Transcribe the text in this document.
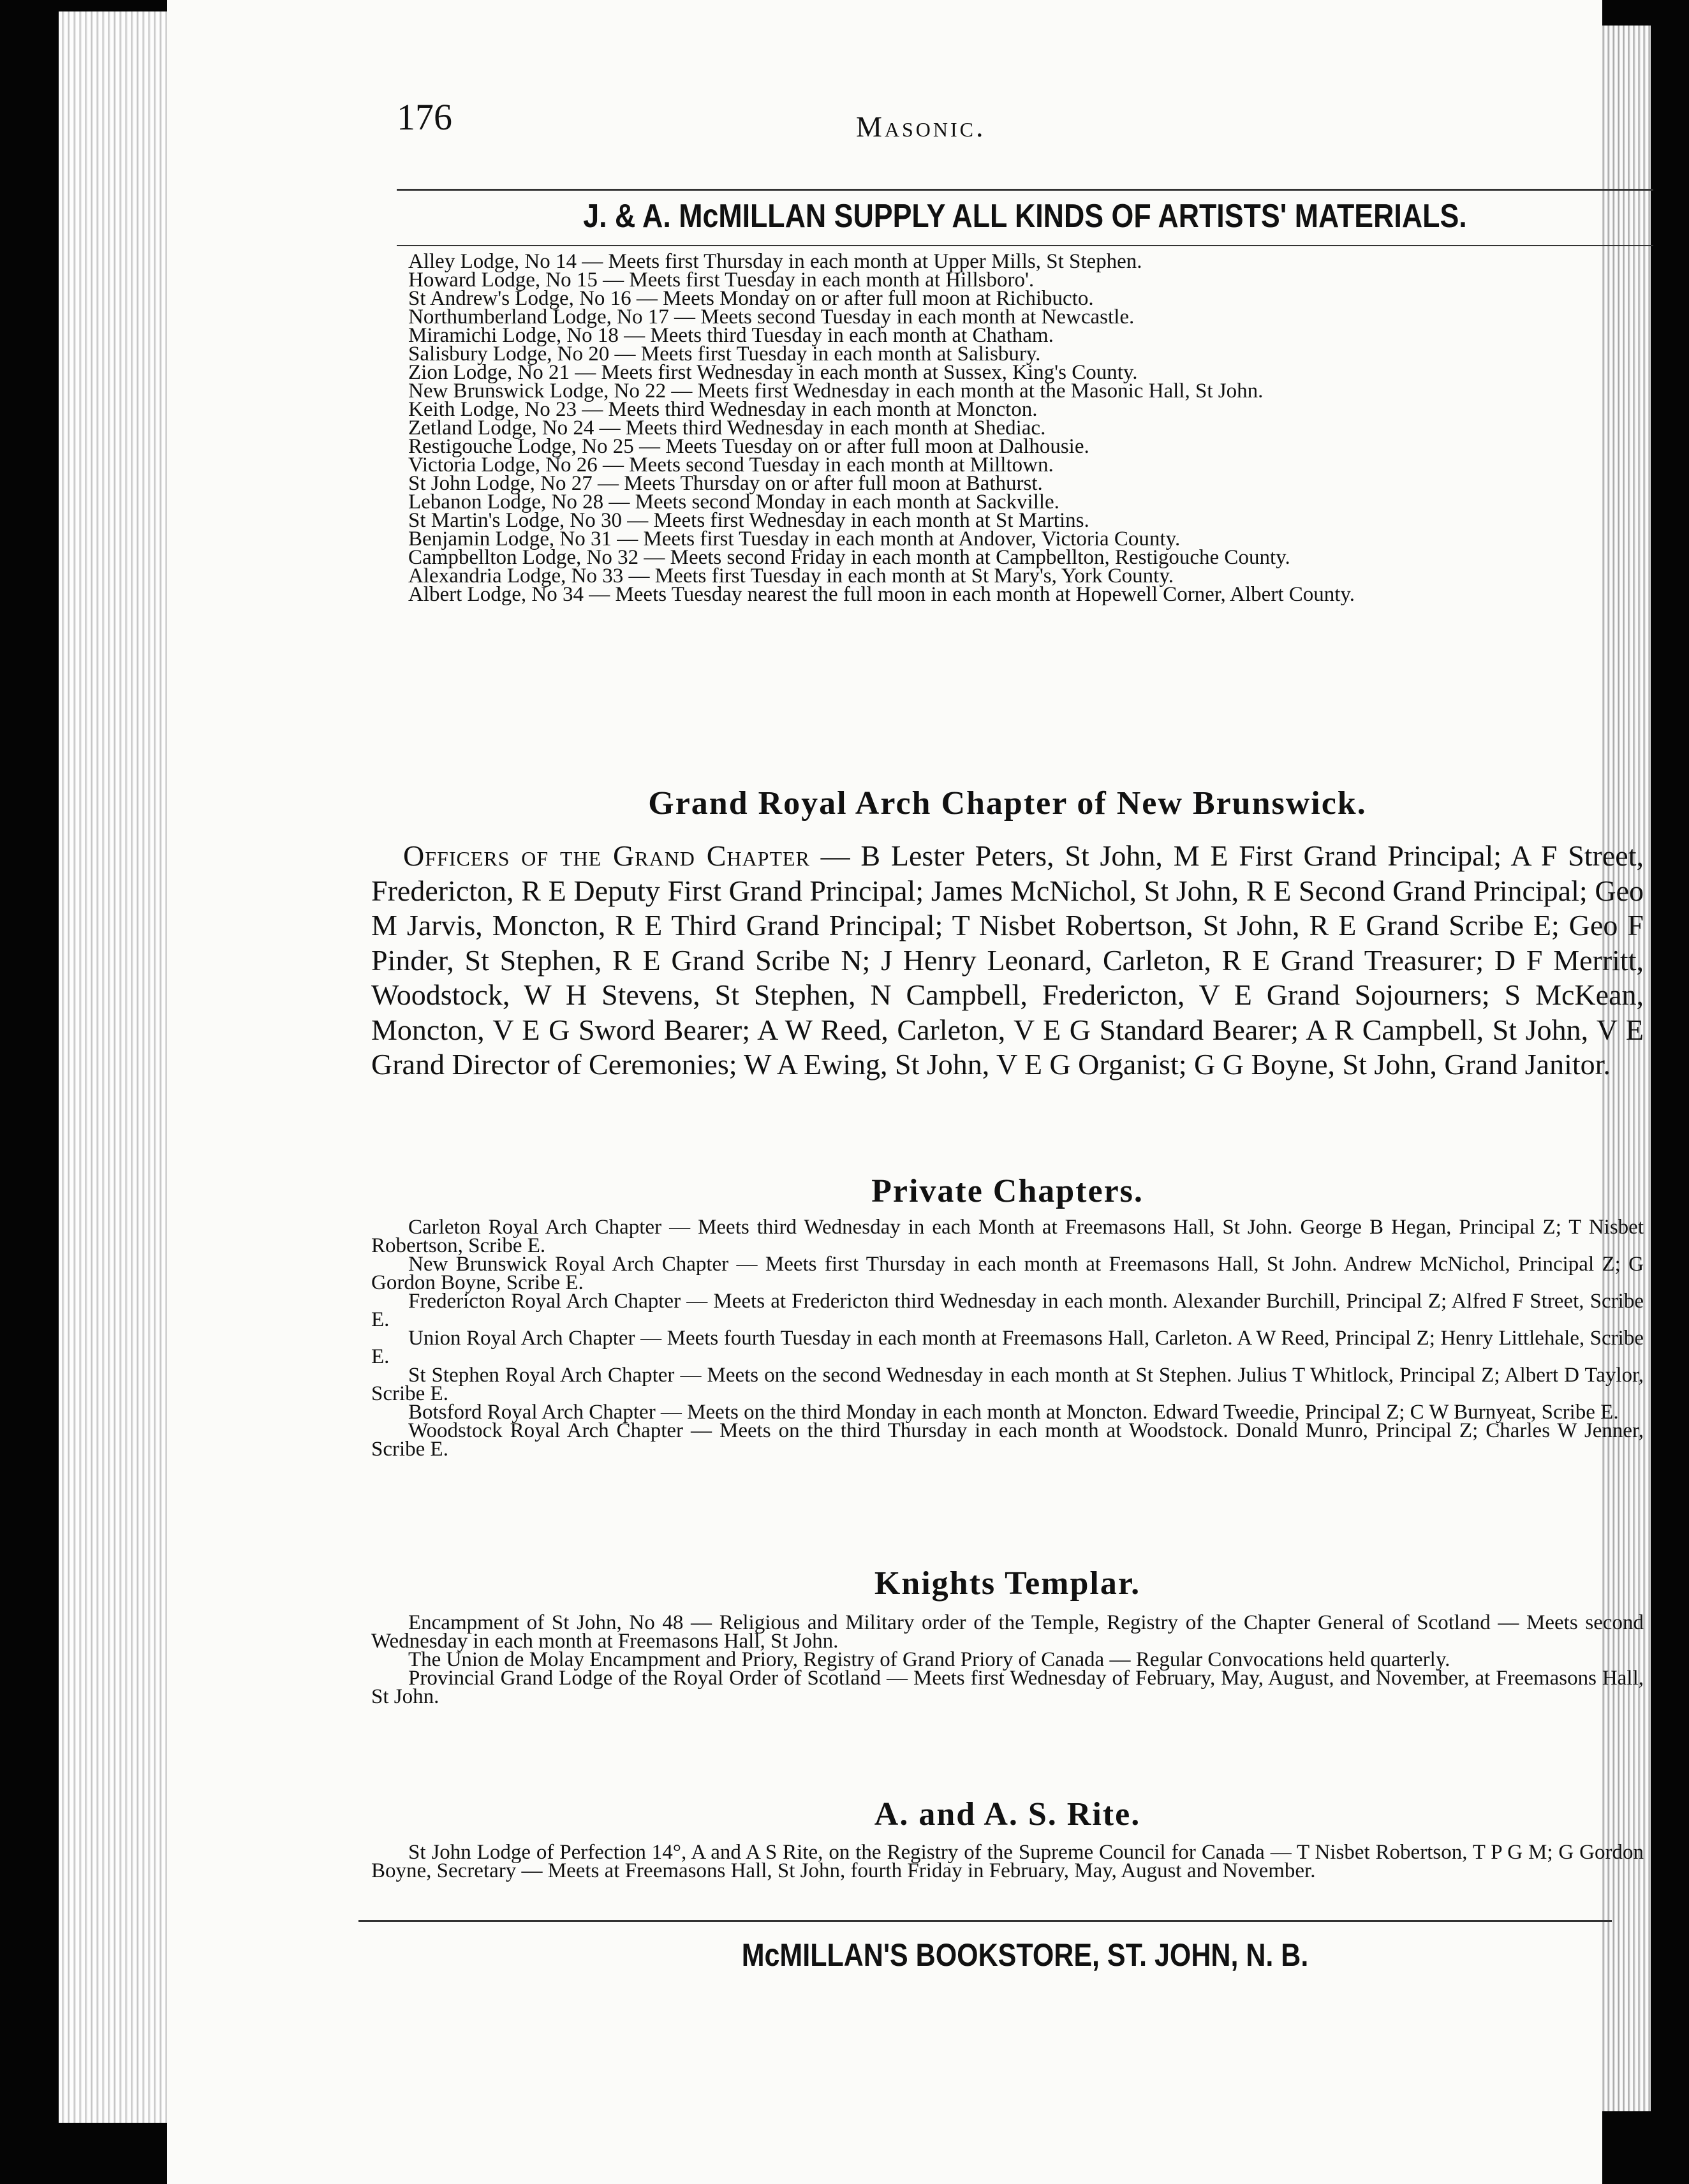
176	Masonic.
J. & A. McMILLAN SUPPLY ALL KINDS OF ARTISTS' MATERIALS.

Alley Lodge, No 14 — Meets first Thursday in each month at Upper Mills, St Stephen.

Howard Lodge, No 15 — Meets first Tuesday in each month at Hillsboro'.

St Andrew's Lodge, No 16 — Meets Monday on or after full moon at Richibucto.

Northumberland Lodge, No 17 — Meets second Tuesday in each month at Newcastle.

Miramichi Lodge, No 18 — Meets third Tuesday in each month at Chatham.

Salisbury Lodge, No 20 — Meets first Tuesday in each month at Salisbury.

Zion Lodge, No 21 — Meets first Wednesday in each month at Sussex, King's County.

New Brunswick Lodge, No 22 — Meets first Wednesday in each month at the Masonic Hall, St John.

Keith Lodge, No 23 — Meets third Wednesday in each month at Moncton.

Zetland Lodge, No 24 — Meets third Wednesday in each month at Shediac.

Restigouche Lodge, No 25 — Meets Tuesday on or after full moon at Dalhousie.

Victoria Lodge, No 26 — Meets second Tuesday in each month at Milltown.

St John Lodge, No 27 — Meets Thursday on or after full moon at Bathurst.

Lebanon Lodge, No 28 — Meets second Monday in each month at Sackville.

St Martin's Lodge, No 30 — Meets first Wednesday in each month at St Martins.

Benjamin Lodge, No 31 — Meets first Tuesday in each month at Andover, Victoria County.

Campbellton Lodge, No 32 — Meets second Friday in each month at Campbellton, Restigouche County.

Alexandria Lodge, No 33 — Meets first Tuesday in each month at St Mary's, York County.

Albert Lodge, No 34 — Meets Tuesday nearest the full moon in each month at Hopewell Corner, Albert County.

Grand Royal Arch Chapter of New Brunswick.

Officers of the Grand Chapter — B Lester Peters, St John, M E First Grand Principal; A F Street, Fredericton, R E Deputy First Grand Principal; James McNichol, St John, R E Second Grand Principal; Geo M Jarvis, Moncton, R E Third Grand Principal; T Nisbet Robertson, St John, R E Grand Scribe E; Geo F Pinder, St Stephen, R E Grand Scribe N; J Henry Leonard, Carleton, R E Grand Treasurer; D F Merritt, Woodstock, W H Stevens, St Stephen, N Campbell, Fredericton, V E Grand Sojourners; S McKean, Moncton, V E G Sword Bearer; A W Reed, Carleton, V E G Standard Bearer; A R Campbell, St John, V E Grand Director of Ceremonies; W A Ewing, St John, V E G Organist; G G Boyne, St John, Grand Janitor.

Private Chapters.

Carleton Royal Arch Chapter — Meets third Wednesday in each Month at Freemasons Hall, St John. George B Hegan, Principal Z; T Nisbet Robertson, Scribe E.

New Brunswick Royal Arch Chapter — Meets first Thursday in each month at Freemasons Hall, St John. Andrew McNichol, Principal Z; G Gordon Boyne, Scribe E.

Fredericton Royal Arch Chapter — Meets at Fredericton third Wednesday in each month. Alexander Burchill, Principal Z; Alfred F Street, Scribe E.

Union Royal Arch Chapter — Meets fourth Tuesday in each month at Freemasons Hall, Carleton. A W Reed, Principal Z; Henry Littlehale, Scribe E.

St Stephen Royal Arch Chapter — Meets on the second Wednesday in each month at St Stephen. Julius T Whitlock, Principal Z; Albert D Taylor, Scribe E.

Botsford Royal Arch Chapter — Meets on the third Monday in each month at Moncton. Edward Tweedie, Principal Z; C W Burnyeat, Scribe E.

Woodstock Royal Arch Chapter — Meets on the third Thursday in each month at Woodstock. Donald Munro, Principal Z; Charles W Jenner, Scribe E.

Knights Templar.

Encampment of St John, No 48 — Religious and Military order of the Temple, Registry of the Chapter General of Scotland — Meets second Wednesday in each month at Freemasons Hall, St John.

The Union de Molay Encampment and Priory, Registry of Grand Priory of Canada — Regular Convocations held quarterly.

Provincial Grand Lodge of the Royal Order of Scotland — Meets first Wednesday of February, May, August, and November, at Freemasons Hall, St John.

A. and A. S. Rite.

St John Lodge of Perfection 14°, A and A S Rite, on the Registry of the Supreme Council for Canada — T Nisbet Robertson, T P G M; G Gordon Boyne, Secretary — Meets at Freemasons Hall, St John, fourth Friday in February, May, August and November.

McMILLAN'S BOOKSTORE, ST. JOHN, N. B.
